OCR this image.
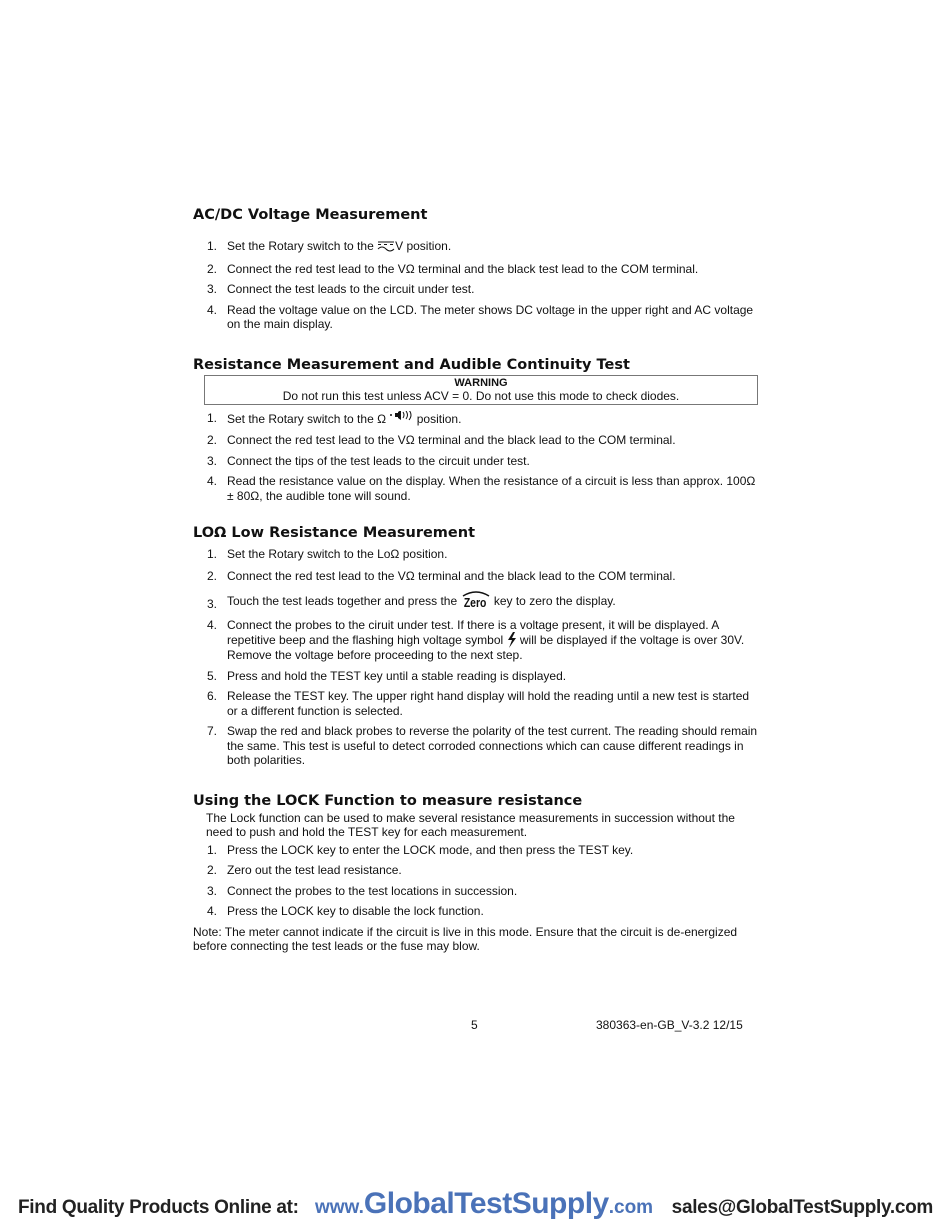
AC/DC Voltage Measurement
1. Set the Rotary switch to the V position.
2. Connect the red test lead to the VΩ terminal and the black test lead to the COM terminal.
3. Connect the test leads to the circuit under test.
4. Read the voltage value on the LCD. The meter shows DC voltage in the upper right and AC voltage on the main display.
Resistance Measurement and Audible Continuity Test
WARNING
Do not run this test unless ACV = 0. Do not use this mode to check diodes.
1. Set the Rotary switch to the Ω	position.
2. Connect the red test lead to the VΩ terminal and the black lead to the COM terminal.
3. Connect the tips of the test leads to the circuit under test.
4. Read the resistance value on the display. When the resistance of a circuit is less than approx. 100Ω ± 80Ω, the audible tone will sound.
LOΩ Low Resistance Measurement
1. Set the Rotary switch to the LoΩ position.
2. Connect the red test lead to the VΩ terminal and the black lead to the COM terminal.
3. Touch the test leads together and press the Zero key to zero the display.
4. Connect the probes to the ciruit under test. If there is a voltage present, it will be displayed. A repetitive beep and the flashing high voltage symbol will be displayed if the voltage is over 30V. Remove the voltage before proceeding to the next step.
5. Press and hold the TEST key until a stable reading is displayed.
6. Release the TEST key. The upper right hand display will hold the reading until a new test is started or a different function is selected.
7. Swap the red and black probes to reverse the polarity of the test current. The reading should remain the same. This test is useful to detect corroded connections which can cause different readings in both polarities.
Using the LOCK Function to measure resistance

The Lock function can be used to make several resistance measurements in succession without the need to push and hold the TEST key for each measurement.

1. Press the LOCK key to enter the LOCK mode, and then press the TEST key.
2. Zero out the test lead resistance.
3. Connect the probes to the test locations in succession.
4. Press the LOCK key to disable the lock function.

Note: The meter cannot indicate if the circuit is live in this mode. Ensure that the circuit is de-energized before connecting the test leads or the fuse may blow.

5	380363-en-GB_V-3.2 12/15
Find Quality Products Online at: www.GlobalTestSupply.com sales@GlobalTestSupply.com
